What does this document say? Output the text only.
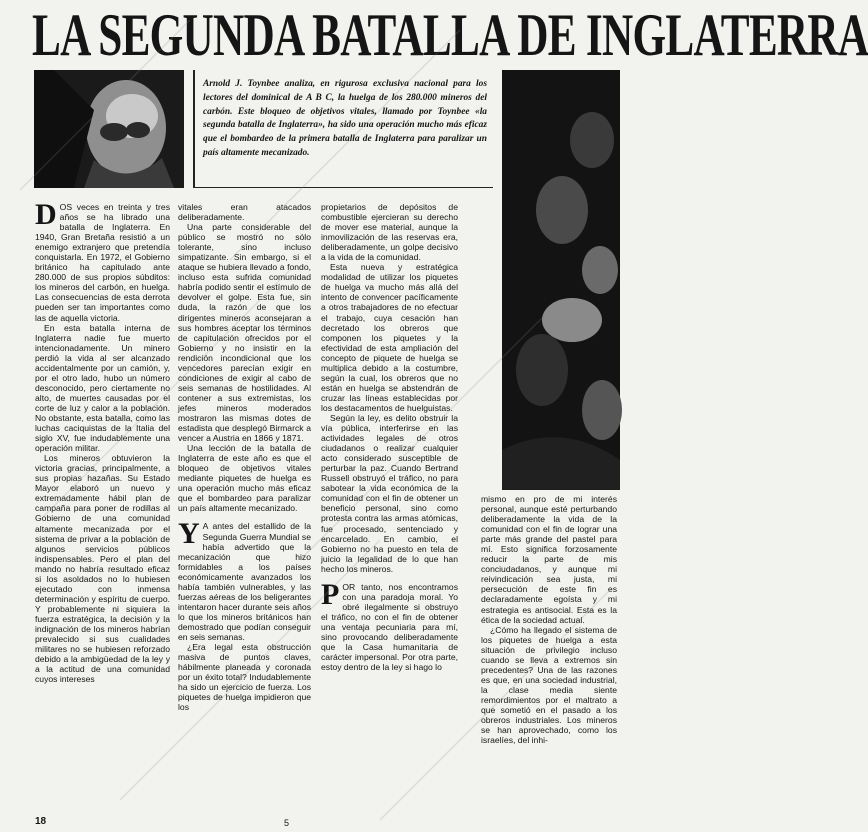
LA SEGUNDA BATALLA DE INGLATERRA
Arnold J. Toynbee analiza, en rigurosa exclusiva nacional para los lectores del dominical de A B C, la huelga de los 280.000 mineros del carbón. Este bloqueo de objetivos vitales, llamado por Toynbee «la segunda batalla de Inglaterra», ha sido una operación mucho más eficaz que el bombardeo de la primera batalla de Inglaterra para paralizar un país altamente mecanizado.

DOS veces en treinta y tres años se ha librado una batalla de Inglaterra. En 1940, Gran Bretaña resistió a un enemigo extranjero que pretendía conquistarla. En 1972, el Gobierno británico ha capitulado ante 280.000 de sus propios súbditos: los mineros del carbón, en huelga. Las consecuencias de esta derrota pueden ser tan importantes como las de aquella victoria.

En esta batalla interna de Inglaterra nadie fue muerto intencionadamente. Un minero perdió la vida al ser alcanzado accidentalmente por un camión, y, por el otro lado, hubo un número desconocido, pero ciertamente no alto, de muertes causadas por el corte de luz y calor a la población. No obstante, esta batalla, como las luchas caciquistas de la Italia del siglo XV, fue indudablemente una operación militar.

Los mineros obtuvieron la victoria gracias, principalmente, a sus propias hazañas. Su Estado Mayor elaboró un nuevo y extremadamente hábil plan de campaña para poner de rodillas al Gobierno de una comunidad altamente mecanizada por el sistema de privar a la población de algunos servicios públicos indispensables. Pero el plan del mando no habría resultado eficaz si los asoldados no lo hubiesen ejecutado con inmensa determinación y espíritu de cuerpo. Y probablemente ni siquiera la fuerza estratégica, la decisión y la indignación de los mineros habrían prevalecido si sus cualidades militares no se hubiesen reforzado debido a la ambigüedad de la ley y a la actitud de una comunidad cuyos intereses

vitales eran atacados deliberadamente.

Una parte considerable del público se mostró no sólo tolerante, sino incluso simpatizante. Sin embargo, si el ataque se hubiera llevado a fondo, incluso esta sufrida comunidad habría podido sentir el estímulo de devolver el golpe. Esta fue, sin duda, la razón de que los dirigentes mineros aconsejaran a sus hombres aceptar los términos de capitulación ofrecidos por el Gobierno y no insistir en la rendición incondicional que los vencedores parecían exigir en condiciones de exigir al cabo de seis semanas de hostilidades. Al contener a sus extremistas, los jefes mineros moderados mostraron las mismas dotes de estadista que desplegó Birmarck a vencer a Austria en 1866 y 1871.

Una lección de la batalla de Inglaterra de este año es que el bloqueo de objetivos vitales mediante piquetes de huelga es una operación mucho más eficaz que el bombardeo para paralizar un país altamente mecanizado.

Y A antes del estallido de la Segunda Guerra Mundial se había advertido que la mecanización que hizo formidables a los países económicamente avanzados los había también vulnerables, y las fuerzas aéreas de los beligerantes intentaron hacer durante seis años lo que los mineros británicos han demostrado que podían conseguir en seis semanas.

¿Era legal esta obstrucción masiva de puntos claves, hábilmente planeada y coronada por un éxito total? Indudablemente ha sido un ejercicio de fuerza. Los piquetes de huelga impidieron que los

propietarios de depósitos de combustible ejercieran su derecho de mover ese material, aunque la inmovilización de las reservas era, deliberadamente, un golpe decisivo a la vida de la comunidad.

Esta nueva y estratégica modalidad de utilizar los piquetes de huelga va mucho más allá del intento de convencer pacíficamente a otros trabajadores de no efectuar el trabajo, cuya cesación han decretado los obreros que componen los piquetes y la efectividad de esta ampliación del concepto de piquete de huelga se multiplica debido a la costumbre, según la cual, los obreros que no están en huelga se abstendrán de cruzar las líneas establecidas por los destacamentos de huelguistas.

Según la ley, es delito obstruir la vía pública, interferirse en las actividades legales de otros ciudadanos o realizar cualquier acto considerado susceptible de perturbar la paz. Cuando Bertrand Russell obstruyó el tráfico, no para sabotear la vida económica de la comunidad con el fin de obtener un beneficio personal, sino como protesta contra las armas atómicas, fue procesado, sentenciado y encarcelado. En cambio, el Gobierno no ha puesto en tela de juicio la legalidad de lo que han hecho los mineros.

POR tanto, nos encontramos con una paradoja moral. Yo obré ilegalmente si obstruyo el tráfico, no con el fin de obtener una ventaja pecuniaria para mí, sino provocando deliberadamente que la Casa humanitaria de carácter impersonal. Por otra parte, estoy dentro de la ley si hago lo

mismo en pro de mi interés personal, aunque esté perturbando deliberadamente la vida de la comunidad con el fin de lograr una parte más grande del pastel para mí. Esto significa forzosamente reducir la parte de mis conciudadanos, y aunque mi reivindicación sea justa, mi persecución de este fin es declaradamente egoísta y mi estrategia es antisocial. Esta es la ética de la sociedad actual.

¿Cómo ha llegado el sistema de los piquetes de huelga a esta situación de privilegio incluso cuando se lleva a extremos sin precedentes? Una de las razones es que, en una sociedad industrial, la clase media siente remordimientos por el maltrato a que sometió en el pasado a los obreros industriales. Los mineros se han aprovechado, como los israelíes, del inhi-

18	5
